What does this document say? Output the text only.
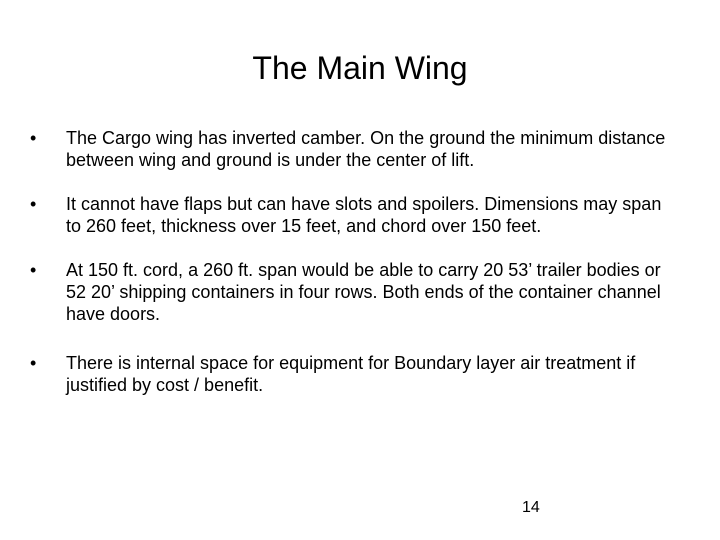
The Main Wing
• The Cargo wing has inverted camber. On the ground the minimum distance between wing and ground is under the center of lift.
• It cannot have flaps but can have slots and spoilers. Dimensions may span to 260 feet, thickness over 15 feet, and chord over 150 feet.
• At 150 ft. cord, a 260 ft. span would be able to carry 20 53’ trailer bodies or 52 20’ shipping containers in four rows. Both ends of the container channel have doors.
• There is internal space for equipment for Boundary layer air treatment if justified by cost / benefit.
14
